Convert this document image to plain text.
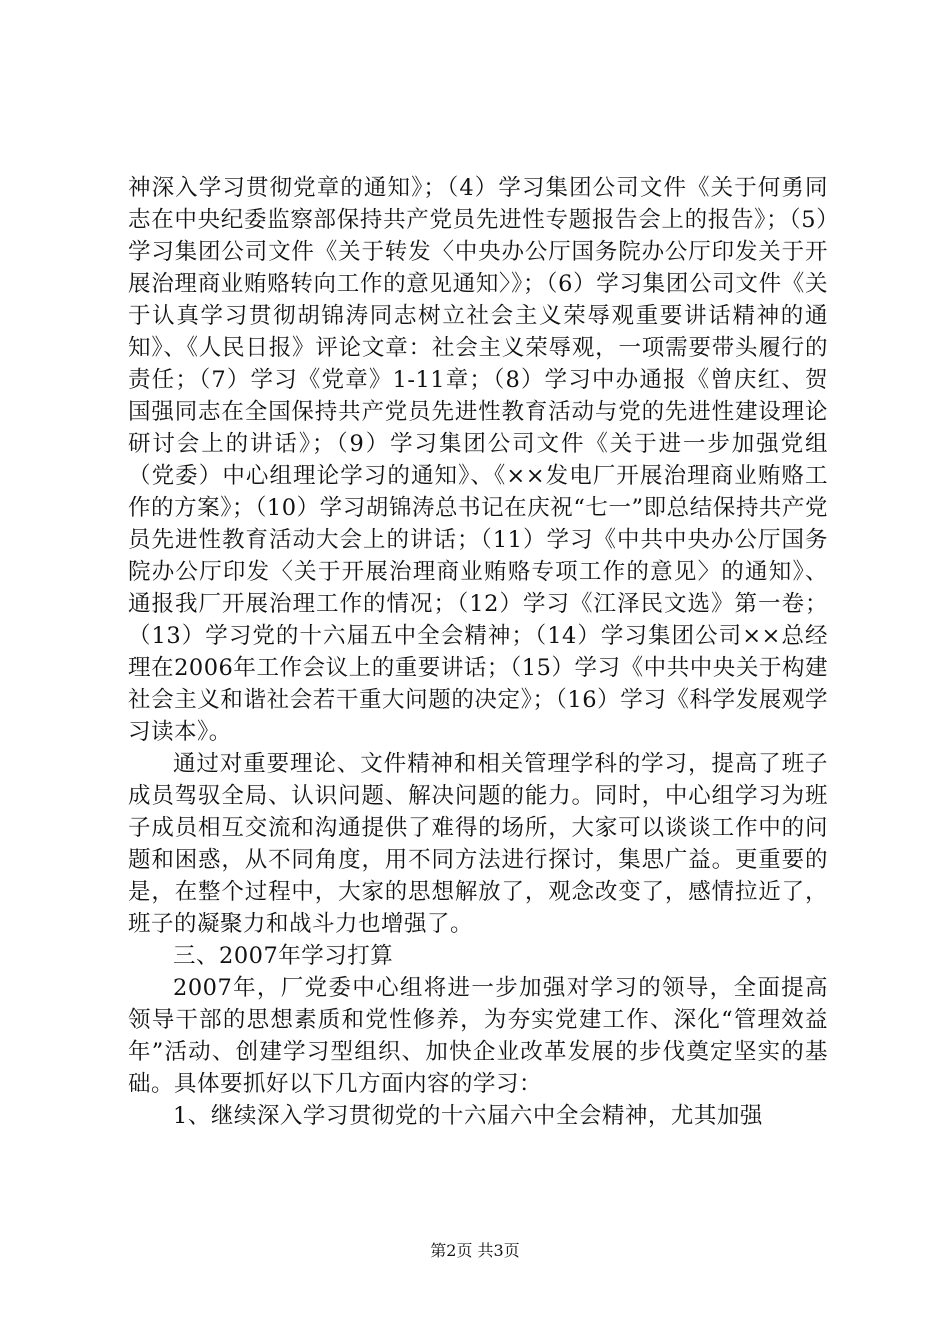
神深入学习贯彻党章的通知》；（4）学习集团公司文件《关于何勇同志在中央纪委监察部保持共产党员先进性专题报告会上的报告》；（5）学习集团公司文件《关于转发〈中央办公厅国务院办公厅印发关于开展治理商业贿赂转向工作的意见通知〉》；（6）学习集团公司文件《关于认真学习贯彻胡锦涛同志树立社会主义荣辱观重要讲话精神的通知》、《人民日报》评论文章：社会主义荣辱观，一项需要带头履行的责任；（7）学习《党章》1-11章；（8）学习中办通报《曾庆红、贺国强同志在全国保持共产党员先进性教育活动与党的先进性建设理论研讨会上的讲话》；（9）学习集团公司文件《关于进一步加强党组（党委）中心组理论学习的通知》、《××发电厂开展治理商业贿赂工作的方案》；（10）学习胡锦涛总书记在庆祝“七一”即总结保持共产党员先进性教育活动大会上的讲话；（11）学习《中共中央办公厅国务院办公厅印发〈关于开展治理商业贿赂专项工作的意见〉的通知》、通报我厂开展治理工作的情况；（12）学习《江泽民文选》第一卷；（13）学习党的十六届五中全会精神；（14）学习集团公司××总经理在2006年工作会议上的重要讲话；（15）学习《中共中央关于构建社会主义和谐社会若干重大问题的决定》；（16）学习《科学发展观学习读本》。

通过对重要理论、文件精神和相关管理学科的学习，提高了班子成员驾驭全局、认识问题、解决问题的能力。同时，中心组学习为班子成员相互交流和沟通提供了难得的场所，大家可以谈谈工作中的问题和困惑，从不同角度，用不同方法进行探讨，集思广益。更重要的是，在整个过程中，大家的思想解放了，观念改变了，感情拉近了，班子的凝聚力和战斗力也增强了。

三、2007年学习打算

2007年，厂党委中心组将进一步加强对学习的领导，全面提高领导干部的思想素质和党性修养，为夯实党建工作、深化“管理效益年”活动、创建学习型组织、加快企业改革发展的步伐奠定坚实的基础。具体要抓好以下几方面内容的学习：

1、继续深入学习贯彻党的十六届六中全会精神，尤其加强

第2页 共3页
